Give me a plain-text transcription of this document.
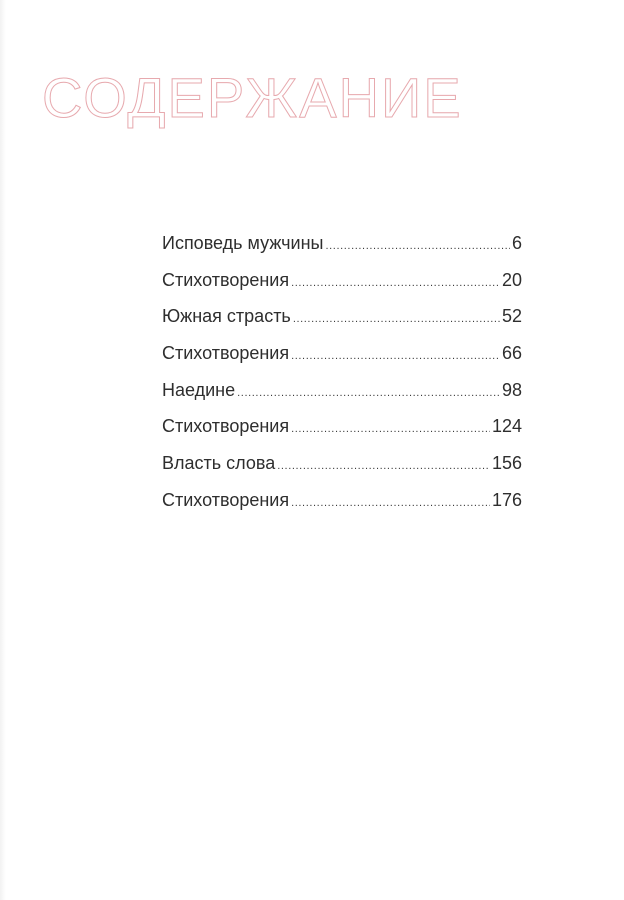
СОДЕРЖАНИЕ
Исповедь мужчины .....	6
Стихотворения .....	20
Южная страсть .....	52
Стихотворения .....	66
Наедине .....	98
Стихотворения .....	124
Власть слова .....	156
Стихотворения .....	176
